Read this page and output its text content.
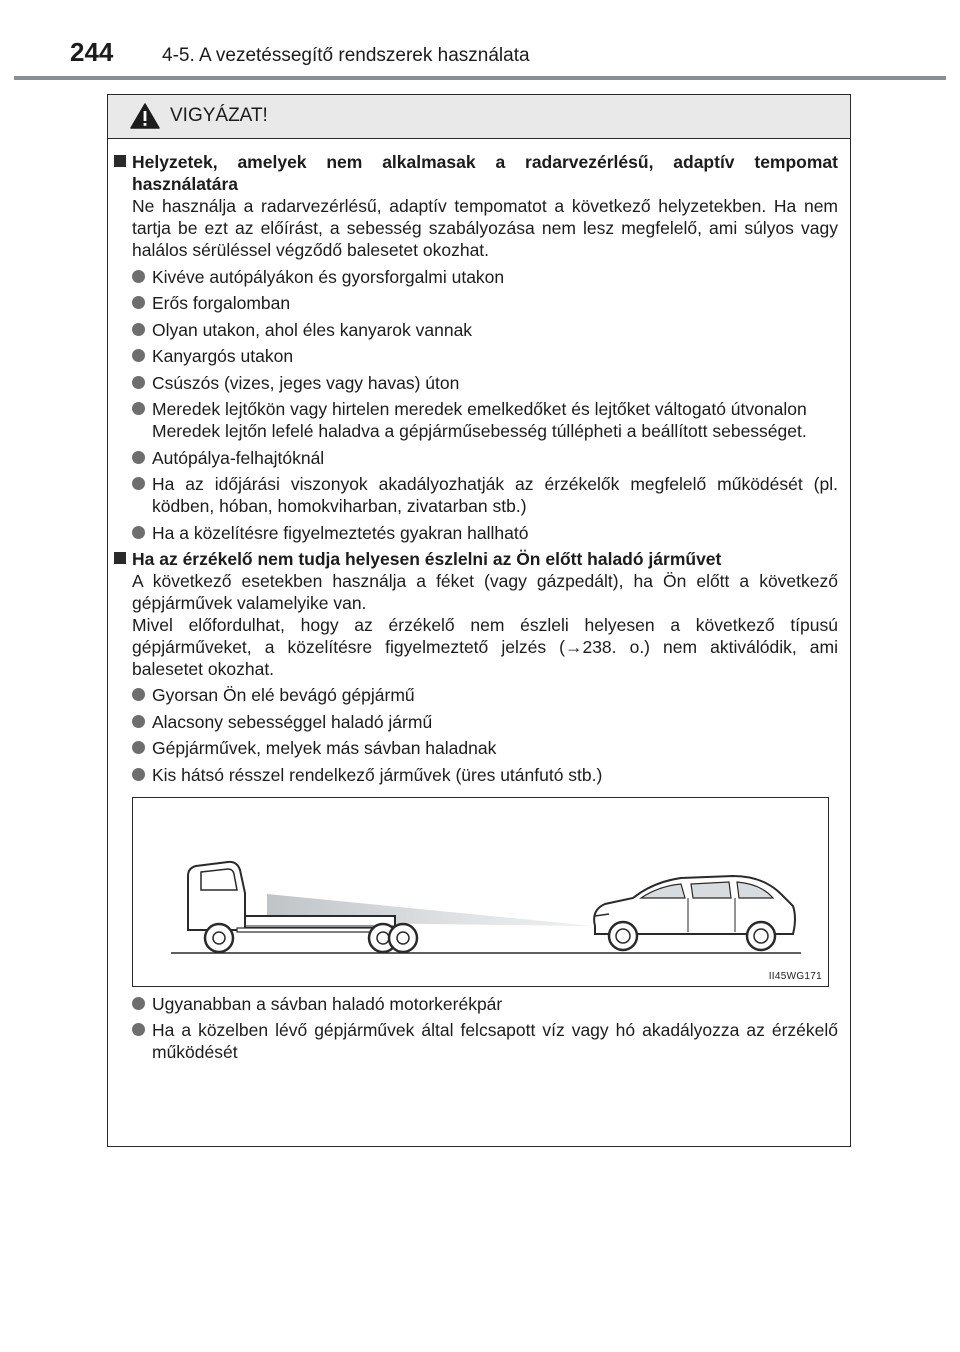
244	4-5. A vezetéssegítő rendszerek használata
VIGYÁZAT!
Helyzetek, amelyek nem alkalmasak a radarvezérlésű, adaptív tempomat használatára

Ne használja a radarvezérlésű, adaptív tempomatot a következő helyzetekben. Ha nem tartja be ezt az előírást, a sebesség szabályozása nem lesz megfelelő, ami súlyos vagy halálos sérüléssel végződő balesetet okozhat.

Kivéve autópályákon és gyorsforgalmi utakon
Erős forgalomban
Olyan utakon, ahol éles kanyarok vannak
Kanyargós utakon
Csúszós (vizes, jeges vagy havas) úton
Meredek lejtőkön vagy hirtelen meredek emelkedőket és lejtőket váltogató útvonalon
Meredek lejtőn lefelé haladva a gépjárműsebesség túllépheti a beállított sebességet.
Autópálya-felhajtóknál
Ha az időjárási viszonyok akadályozhatják az érzékelők megfelelő működését (pl. ködben, hóban, homokviharban, zivatarban stb.)
Ha a közelítésre figyelmeztetés gyakran hallható
Ha az érzékelő nem tudja helyesen észlelni az Ön előtt haladó járművet

A következő esetekben használja a féket (vagy gázpedált), ha Ön előtt a következő gépjárművek valamelyike van.

Mivel előfordulhat, hogy az érzékelő nem észleli helyesen a következő típusú gépjárműveket, a közelítésre figyelmeztető jelzés (→238. o.) nem aktiválódik, ami balesetet okozhat.

Gyorsan Ön elé bevágó gépjármű
Alacsony sebességgel haladó jármű
Gépjárművek, melyek más sávban haladnak
Kis hátsó résszel rendelkező járművek (üres utánfutó stb.)
II45WG171
Ugyanabban a sávban haladó motorkerékpár
Ha a közelben lévő gépjárművek által felcsapott víz vagy hó akadályozza az érzékelő működését
